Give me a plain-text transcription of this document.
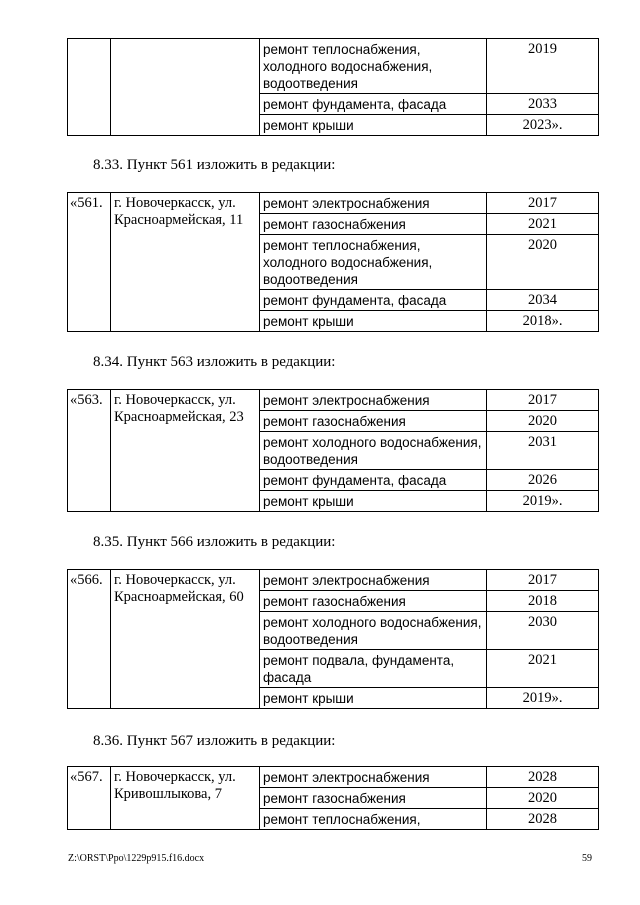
		ремонт теплоснабжения, холодного водоснабжения, водоотведения	2019
		ремонт фундамента, фасада	2033
		ремонт крыши	2023».
8.33. Пункт 561 изложить в редакции:
«561.	г. Новочеркасск, ул. Красноармейская, 11	ремонт электроснабжения	2017
		ремонт газоснабжения	2021
		ремонт теплоснабжения, холодного водоснабжения, водоотведения	2020
		ремонт фундамента, фасада	2034
		ремонт крыши	2018».
8.34. Пункт 563 изложить в редакции:
«563.	г. Новочеркасск, ул. Красноармейская, 23	ремонт электроснабжения	2017
		ремонт газоснабжения	2020
		ремонт холодного водоснабжения, водоотведения	2031
		ремонт фундамента, фасада	2026
		ремонт крыши	2019».
8.35. Пункт 566 изложить в редакции:
«566.	г. Новочеркасск, ул. Красноармейская, 60	ремонт электроснабжения	2017
		ремонт газоснабжения	2018
		ремонт холодного водоснабжения, водоотведения	2030
		ремонт подвала, фундамента, фасада	2021
		ремонт крыши	2019».
8.36. Пункт 567 изложить в редакции:
«567.	г. Новочеркасск, ул. Кривошлыкова, 7	ремонт электроснабжения	2028
		ремонт газоснабжения	2020
		ремонт теплоснабжения,	2028
Z:\ORST\Ppo\1229p915.f16.docx	59
